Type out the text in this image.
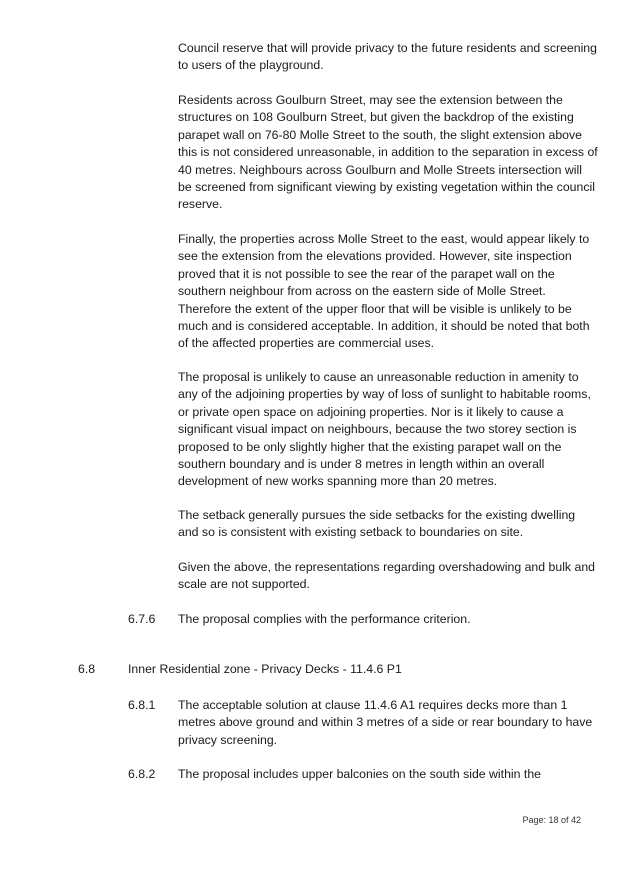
Council reserve that will provide privacy to the future residents and screening to users of the playground.

Residents across Goulburn Street, may see the extension between the structures on 108 Goulburn Street, but given the backdrop of the existing parapet wall on 76-80 Molle Street to the south, the slight extension above this is not considered unreasonable, in addition to the separation in excess of 40 metres. Neighbours across Goulburn and Molle Streets intersection will be screened from significant viewing by existing vegetation within the council reserve.

Finally, the properties across Molle Street to the east, would appear likely to see the extension from the elevations provided. However, site inspection proved that it is not possible to see the rear of the parapet wall on the southern neighbour from across on the eastern side of Molle Street. Therefore the extent of the upper floor that will be visible is unlikely to be much and is considered acceptable. In addition, it should be noted that both of the affected properties are commercial uses.

The proposal is unlikely to cause an unreasonable reduction in amenity to any of the adjoining properties by way of loss of sunlight to habitable rooms, or private open space on adjoining properties. Nor is it likely to cause a significant visual impact on neighbours, because the two storey section is proposed to be only slightly higher that the existing parapet wall on the southern boundary and is under 8 metres in length within an overall development of new works spanning more than 20 metres.

The setback generally pursues the side setbacks for the existing dwelling and so is consistent with existing setback to boundaries on site.

Given the above, the representations regarding overshadowing and bulk and scale are not supported.

6.7.6 The proposal complies with the performance criterion.

6.8	Inner Residential zone - Privacy Decks - 11.4.6 P1
6.8.1 The acceptable solution at clause 11.4.6 A1 requires decks more than 1 metres above ground and within 3 metres of a side or rear boundary to have privacy screening.

6.8.2 The proposal includes upper balconies on the south side within the

Page: 18 of 42
